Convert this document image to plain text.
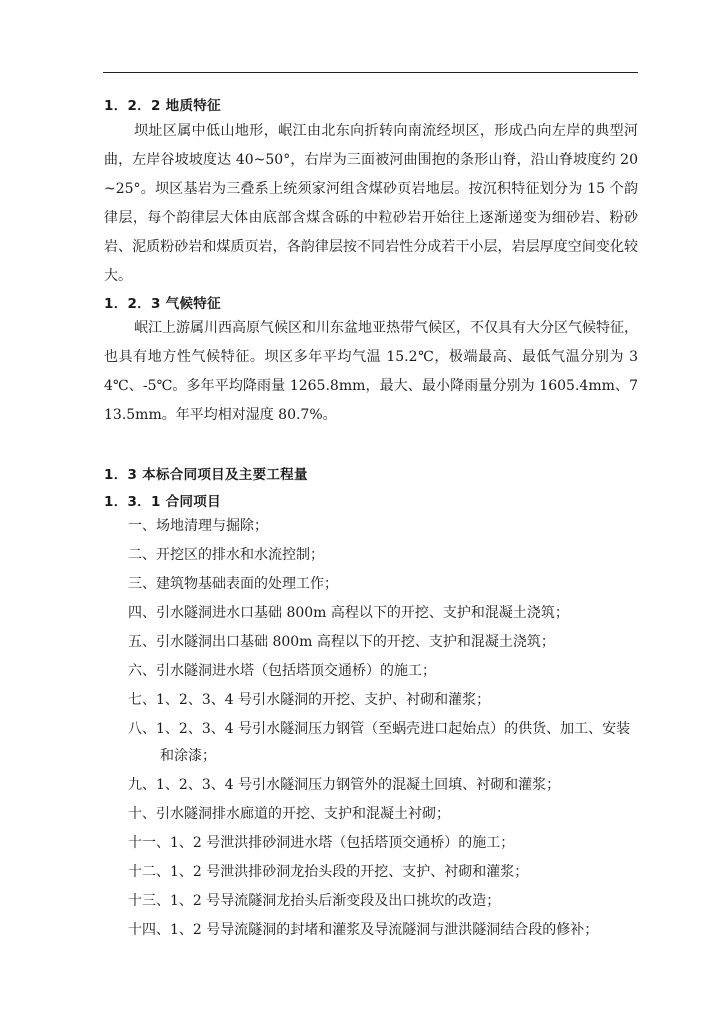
1．2．2 地质特征
坝址区属中低山地形，岷江由北东向折转向南流经坝区，形成凸向左岸的典型河曲，左岸谷坡坡度达 40~50°，右岸为三面被河曲围抱的条形山脊，沿山脊坡度约 20~25°。坝区基岩为三叠系上统须家河组含煤砂页岩地层。按沉积特征划分为 15 个韵律层，每个韵律层大体由底部含煤含砾的中粒砂岩开始往上逐渐递变为细砂岩、粉砂岩、泥质粉砂岩和煤质页岩，各韵律层按不同岩性分成若干小层，岩层厚度空间变化较大。
1．2．3 气候特征
岷江上游属川西高原气候区和川东盆地亚热带气候区，不仅具有大分区气候特征，也具有地方性气候特征。坝区多年平均气温 15.2℃，极端最高、最低气温分别为 34℃、-5℃。多年平均降雨量 1265.8mm，最大、最小降雨量分别为 1605.4mm、713.5mm。年平均相对湿度 80.7%。
1．3 本标合同项目及主要工程量
1．3．1 合同项目
一、场地清理与掘除；
二、开挖区的排水和水流控制；
三、建筑物基础表面的处理工作；
四、引水隧洞进水口基础 800m 高程以下的开挖、支护和混凝土浇筑；
五、引水隧洞出口基础 800m 高程以下的开挖、支护和混凝土浇筑；
六、引水隧洞进水塔（包括塔顶交通桥）的施工；
七、1、2、3、4 号引水隧洞的开挖、支护、衬砌和灌浆；
八、1、2、3、4 号引水隧洞压力钢管（至蜗壳进口起始点）的供货、加工、安装
和涂漆；
九、1、2、3、4 号引水隧洞压力钢管外的混凝土回填、衬砌和灌浆；
十、引水隧洞排水廊道的开挖、支护和混凝土衬砌；
十一、1、2 号泄洪排砂洞进水塔（包括塔顶交通桥）的施工；
十二、1、2 号泄洪排砂洞龙抬头段的开挖、支护、衬砌和灌浆；
十三、1、2 号导流隧洞龙抬头后渐变段及出口挑坎的改造；
十四、1、2 号导流隧洞的封堵和灌浆及导流隧洞与泄洪隧洞结合段的修补；
